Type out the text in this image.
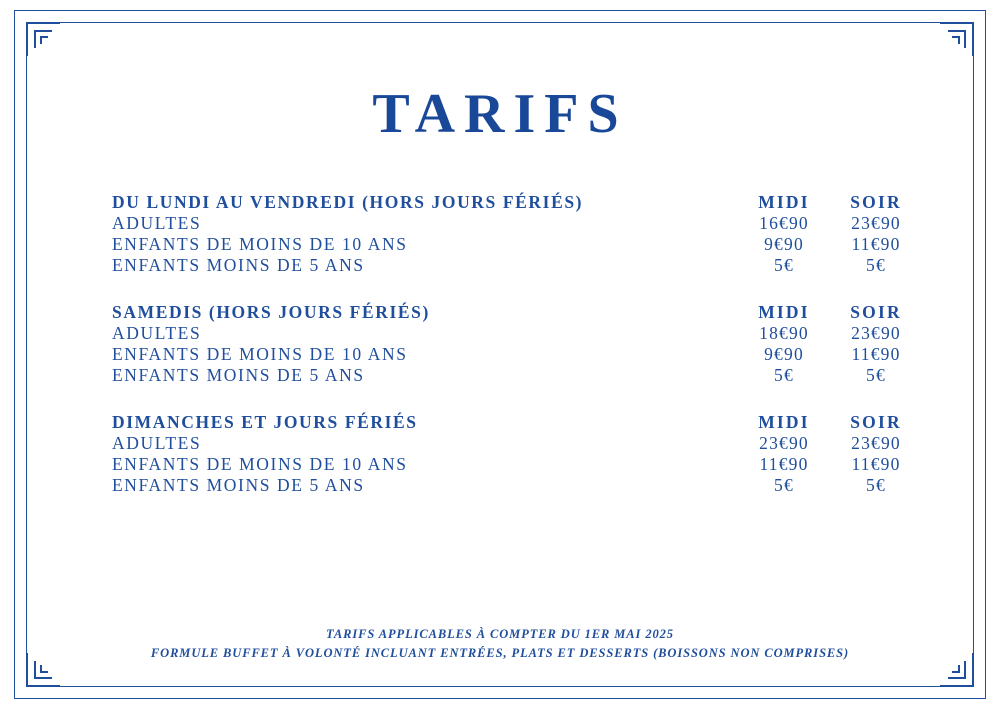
TARIFS
DU LUNDI AU VENDREDI (HORS JOURS FÉRIÉS)	MIDI	SOIR
ADULTES	16€90	23€90
ENFANTS DE MOINS DE 10 ANS	9€90	11€90
ENFANTS MOINS DE 5 ANS	5€	5€

SAMEDIS (HORS JOURS FÉRIÉS)	MIDI	SOIR
ADULTES	18€90	23€90
ENFANTS DE MOINS DE 10 ANS	9€90	11€90
ENFANTS MOINS DE 5 ANS	5€	5€

DIMANCHES ET JOURS FÉRIÉS	MIDI	SOIR
ADULTES	23€90	23€90
ENFANTS DE MOINS DE 10 ANS	11€90	11€90
ENFANTS MOINS DE 5 ANS	5€	5€
TARIFS APPLICABLES À COMPTER DU 1ER MAI 2025
FORMULE BUFFET À VOLONTÉ INCLUANT ENTRÉES, PLATS ET DESSERTS (BOISSONS NON COMPRISES)
